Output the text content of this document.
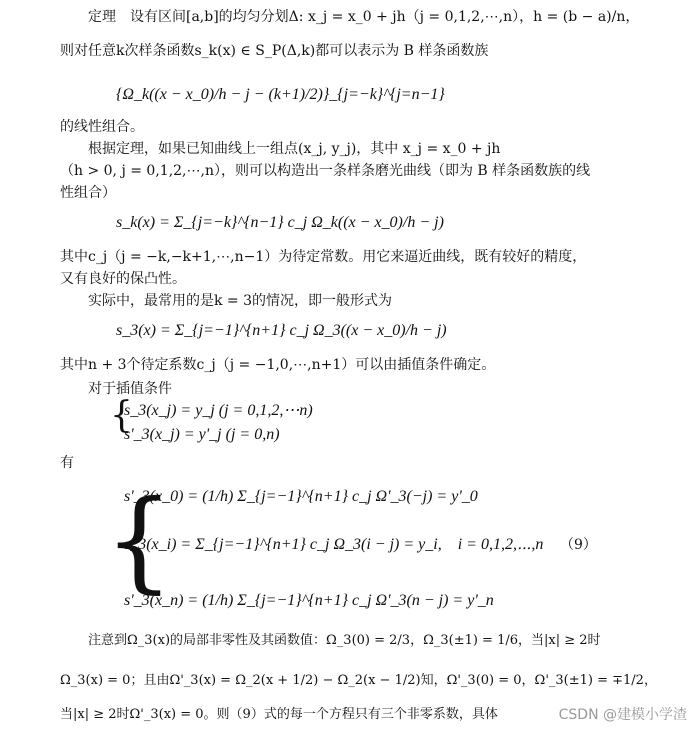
定理　设有区间[a,b]的均匀分划Δ: x_j = x_0 + jh（j = 0,1,2,⋯,n），h = (b − a)/n，
则对任意k次样条函数s_k(x) ∈ S_P(Δ,k)都可以表示为 B 样条函数族
{Ω_k((x − x_0)/h − j − (k+1)/2)}_{j=−k}^{j=n−1}
的线性组合。
根据定理，如果已知曲线上一组点(x_j, y_j)，其中 x_j = x_0 + jh
（h > 0, j = 0,1,2,⋯,n），则可以构造出一条样条磨光曲线（即为 B 样条函数族的线
性组合）
s_k(x) = Σ_{j=−k}^{n−1} c_j Ω_k((x − x_0)/h − j)
其中c_j（j = −k,−k+1,⋯,n−1）为待定常数。用它来逼近曲线，既有较好的精度，
又有良好的保凸性。
实际中，最常用的是k = 3的情况，即一般形式为
s_3(x) = Σ_{j=−1}^{n+1} c_j Ω_3((x − x_0)/h − j)
其中n + 3个待定系数c_j（j = −1,0,⋯,n+1）可以由插值条件确定。
对于插值条件
{
s_3(x_j) = y_j (j = 0,1,2,⋯n)
s'_3(x_j) = y'_j (j = 0,n)
有
{
s'_3(x_0) = (1/h) Σ_{j=−1}^{n+1} c_j Ω'_3(−j) = y'_0
s_3(x_i) = Σ_{j=−1}^{n+1} c_j Ω_3(i − j) = y_i,　i = 0,1,2,⋯,n （9）
s'_3(x_n) = (1/h) Σ_{j=−1}^{n+1} c_j Ω'_3(n − j) = y'_n
注意到Ω_3(x)的局部非零性及其函数值：Ω_3(0) = 2/3，Ω_3(±1) = 1/6，当|x| ≥ 2时
Ω_3(x) = 0；且由Ω'_3(x) = Ω_2(x + 1/2) − Ω_2(x − 1/2)知，Ω'_3(0) = 0，Ω'_3(±1) = ∓1/2，
当|x| ≥ 2时Ω'_3(x) = 0。则（9）式的每一个方程只有三个非零系数，具体	CSDN @建模小学渣
